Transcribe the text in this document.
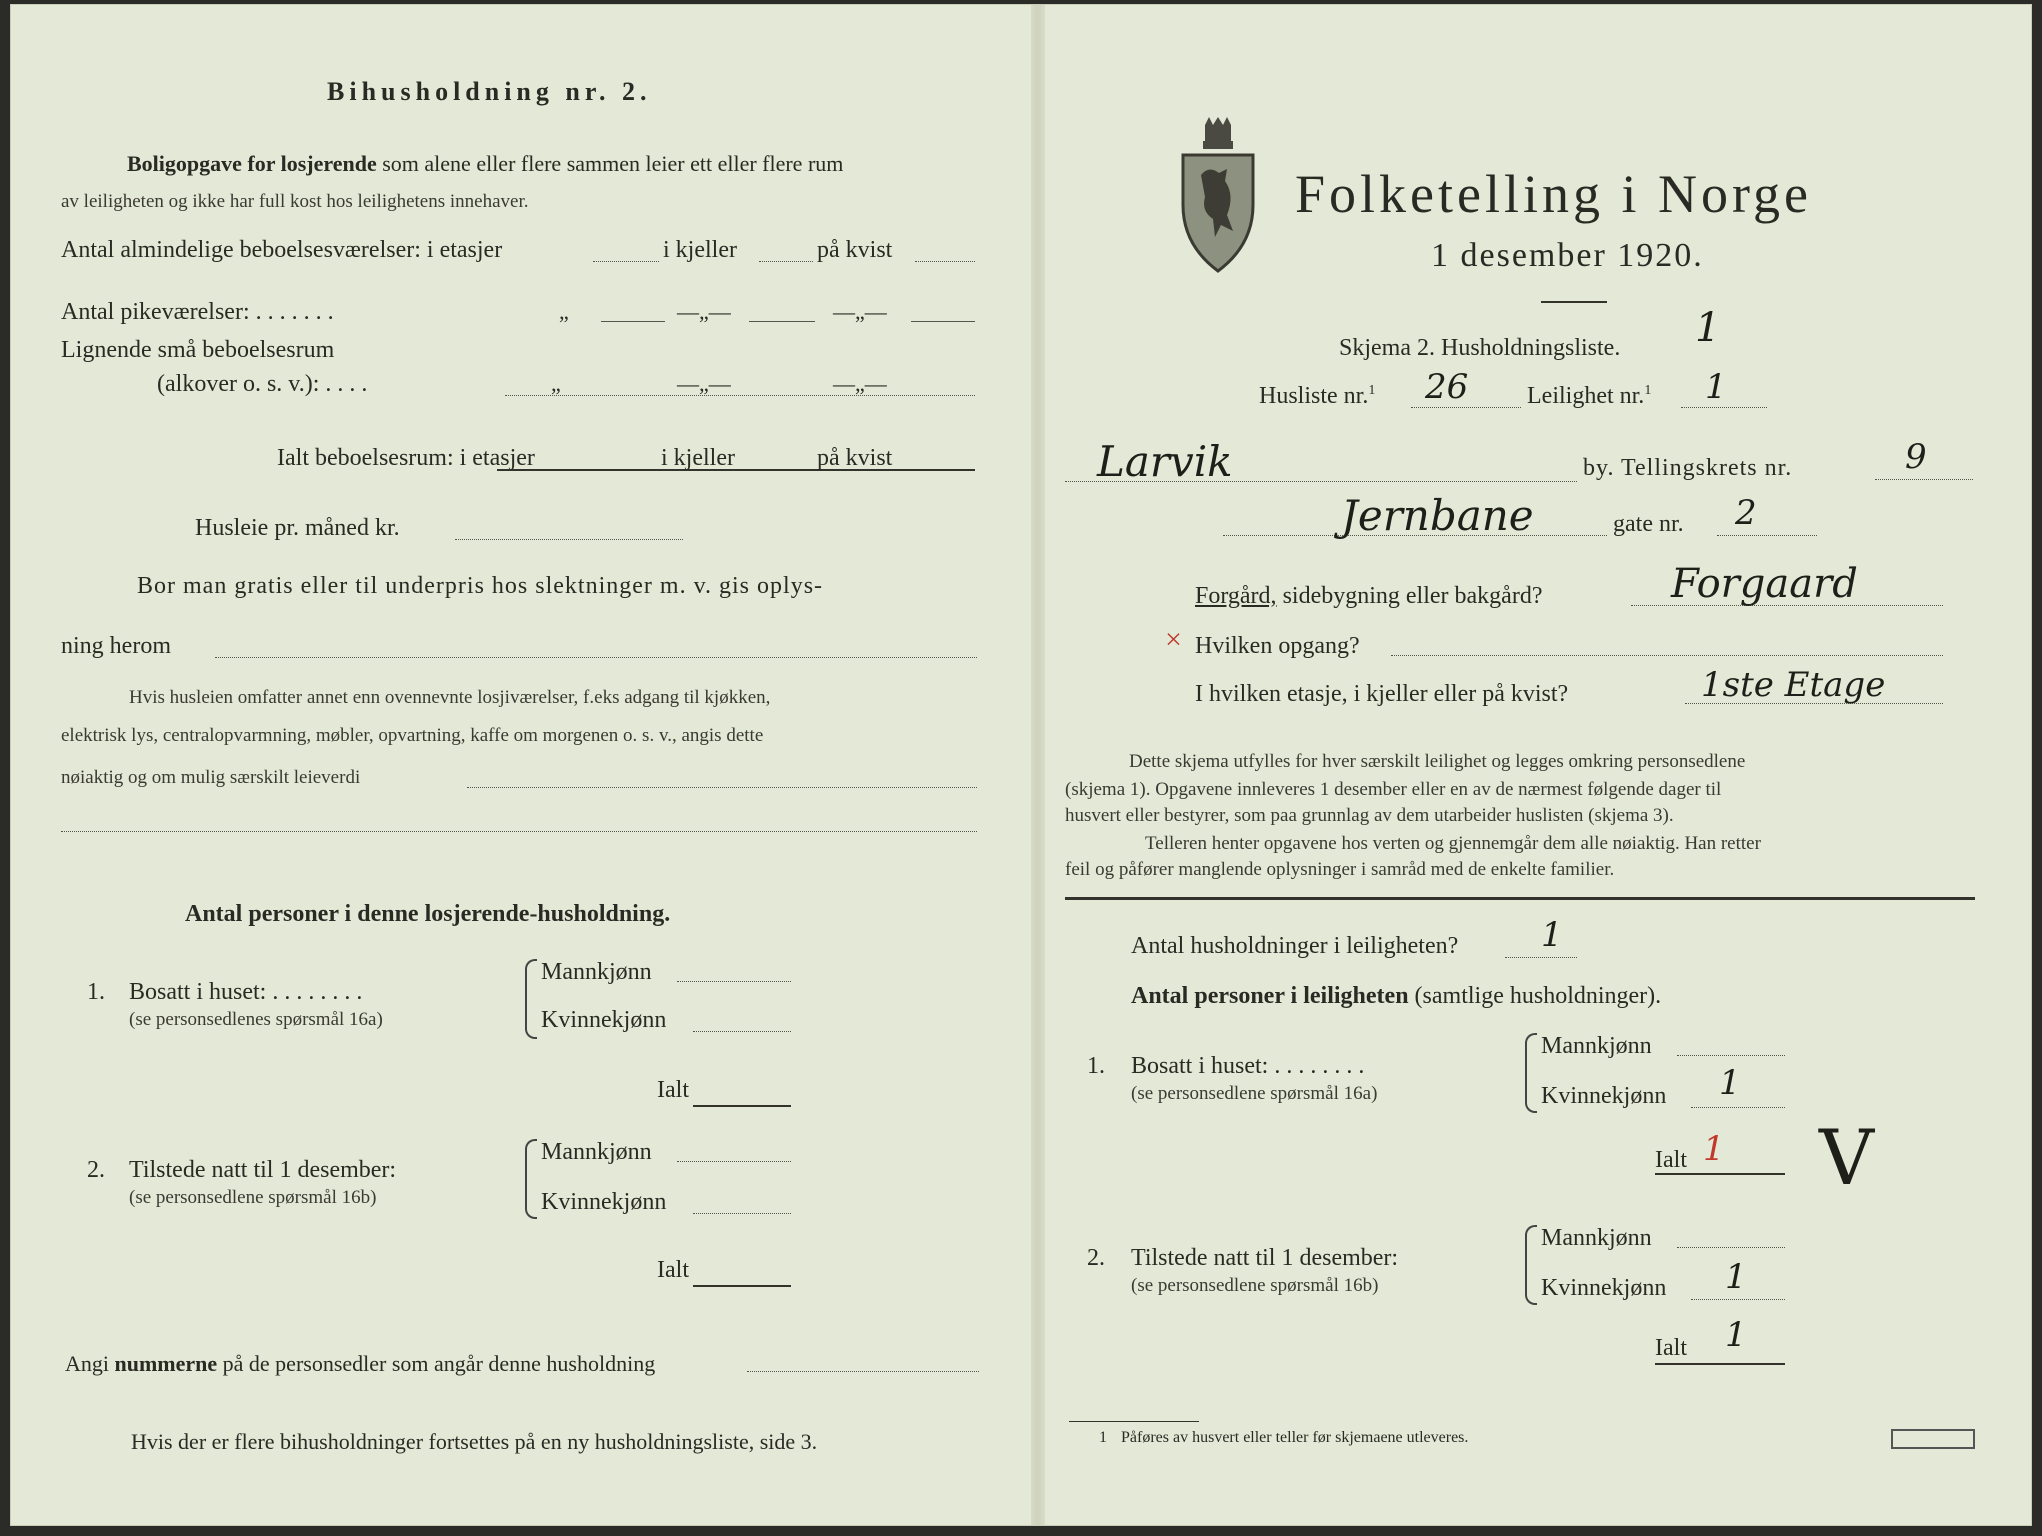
Bihusholdning nr. 2.
Boligopgave for losjerende som alene eller flere sammen leier ett eller flere rum
av leiligheten og ikke har full kost hos leilighetens innehaver.
Antal almindelige beboelsesværelser: i etasjer	i kjeller	på kvist
Antal pikeværelser: . . . . . . .	„	—„—	—„—
Lignende små beboelsesrum
(alkover o. s. v.): . . . .	„	—„—	—„—
Ialt beboelsesrum: i etasjer	i kjeller	på kvist
Husleie pr. måned kr.
Bor man gratis eller til underpris hos slektninger m. v. gis oplys-
ning herom
Hvis husleien omfatter annet enn ovennevnte losjiværelser, f.eks adgang til kjøkken,
elektrisk lys, centralopvarmning, møbler, opvartning, kaffe om morgenen o. s. v., angis dette
nøiaktig og om mulig særskilt leieverdi
Antal personer i denne losjerende-husholdning.
1. Bosatt i huset: . . . . . . . .
(se personsedlenes spørsmål 16a)
Mannkjønn
Kvinnekjønn
Ialt
2. Tilstede natt til 1 desember:
(se personsedlene spørsmål 16b)
Mannkjønn
Kvinnekjønn
Ialt
Angi nummerne på de personsedler som angår denne husholdning
Hvis der er flere bihusholdninger fortsettes på en ny husholdningsliste, side 3.
Folketelling i Norge
1 desember 1920.
Skjema 2. Husholdningsliste. 1
Husliste nr.$^1$ 26 Leilighet nr.$^1$ 1
Larvik	by. Tellingskrets nr.	9
Jernbane	gate nr. 2
Forgård, sidebygning eller bakgård?	Forgaard
× Hvilken opgang?
I hvilken etasje, i kjeller eller på kvist?	1ste Etage
Dette skjema utfylles for hver særskilt leilighet og legges omkring personsedlene
(skjema 1). Opgavene innleveres 1 desember eller en av de nærmest følgende dager til
husvert eller bestyrer, som paa grunnlag av dem utarbeider huslisten (skjema 3).
Telleren henter opgavene hos verten og gjennemgår dem alle nøiaktig. Han retter
feil og påfører manglende oplysninger i samråd med de enkelte familier.
Antal husholdninger i leiligheten? 1
Antal personer i leiligheten (samtlige husholdninger).
1. Bosatt i huset: . . . . . . . .
(se personsedlene spørsmål 16a)
Mannkjønn
Kvinnekjønn 1
Ialt 1 V
2. Tilstede natt til 1 desember:
(se personsedlene spørsmål 16b)
Mannkjønn
Kvinnekjønn 1
Ialt 1
1 Påføres av husvert eller teller før skjemaene utleveres.
